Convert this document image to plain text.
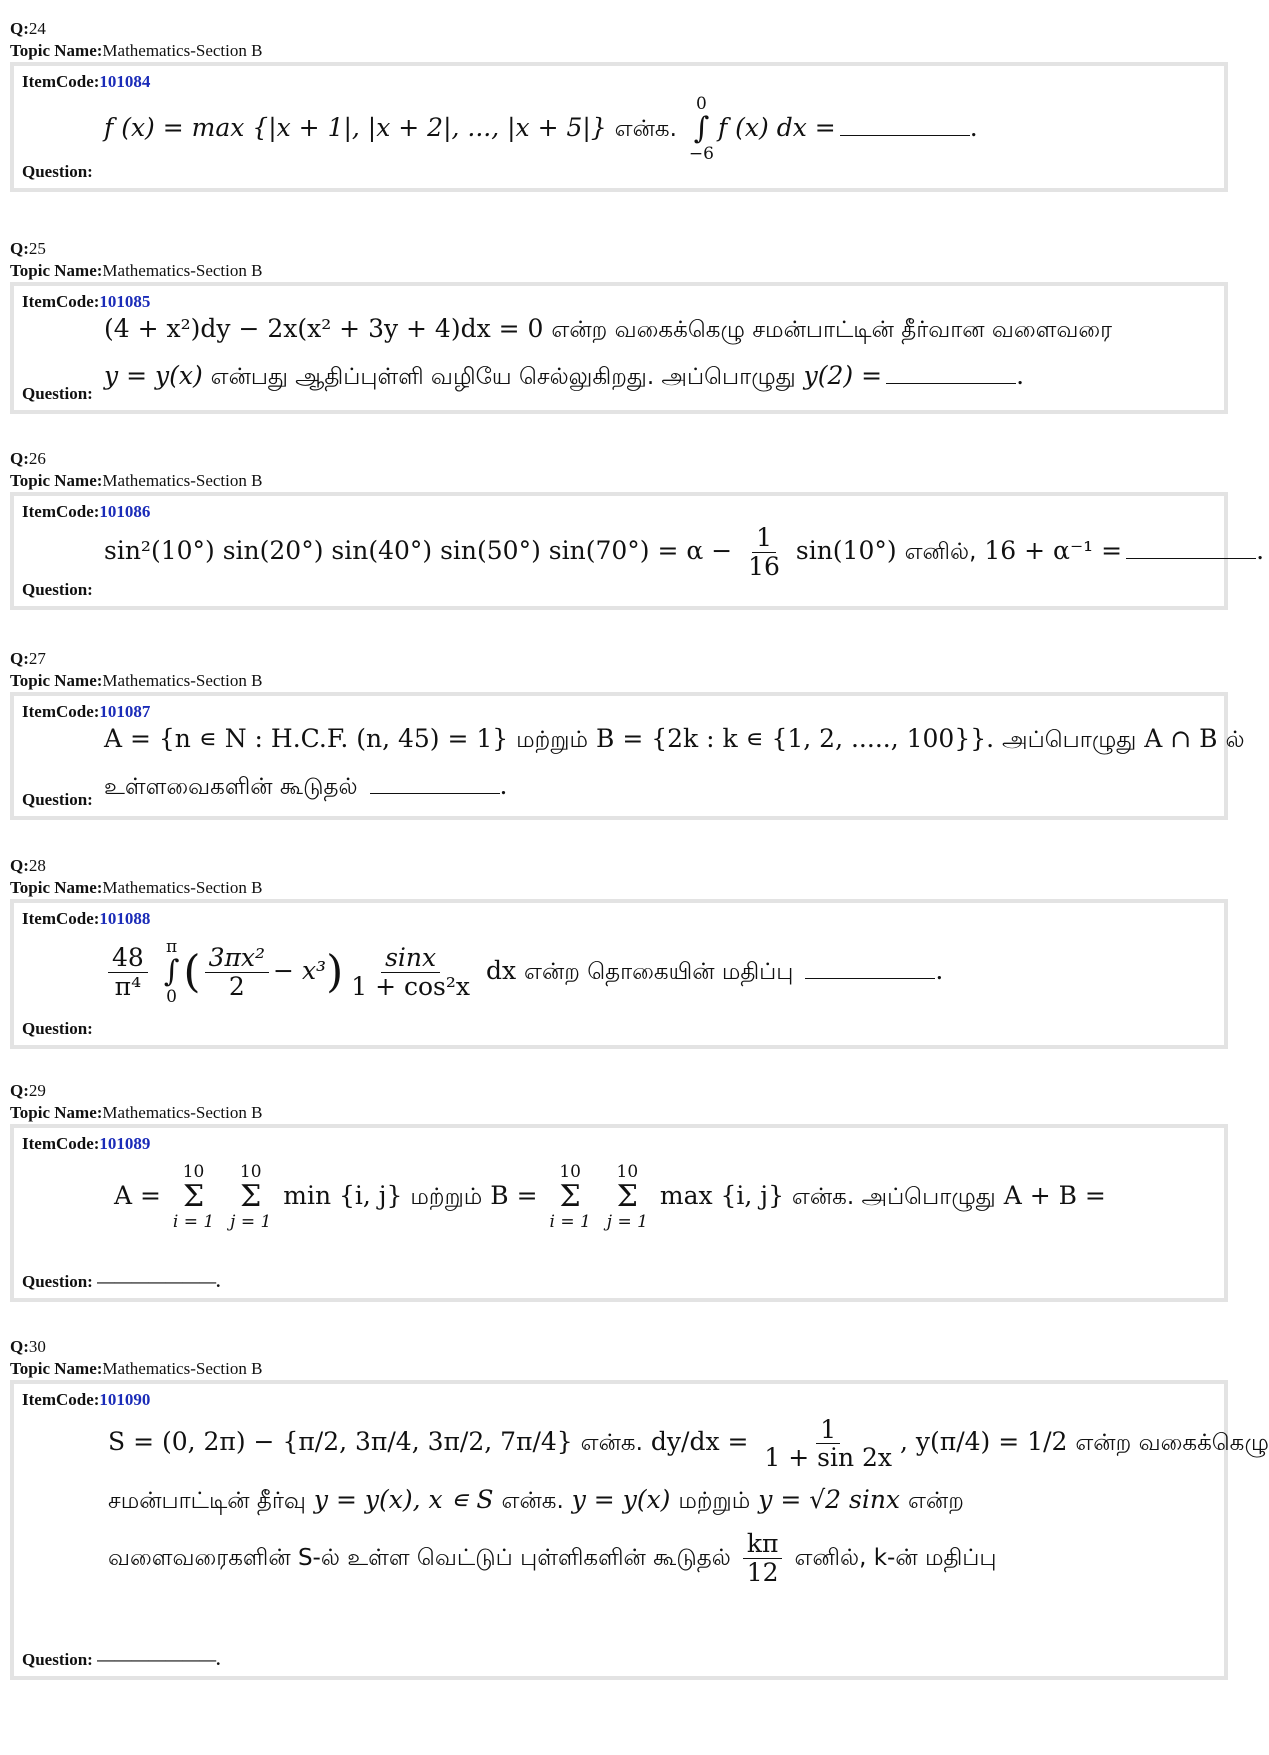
Q:24
Topic Name:Mathematics-Section B
ItemCode:101084
f (x) = max {|x + 1|, |x + 2|, ..., |x + 5|} என்க.
0
∫
−6
f (x) dx =	.
Question:
Q:25
Topic Name:Mathematics-Section B
ItemCode:101085
(4 + x²)dy − 2x(x² + 3y + 4)dx = 0 என்ற வகைக்கெழு சமன்பாட்டின் தீர்வான வளைவரை
y = y(x) என்பது ஆதிப்புள்ளி வழியே செல்லுகிறது. அப்பொழுது y(2) =	.
Question:
Q:26
Topic Name:Mathematics-Section B
ItemCode:101086
sin²(10°) sin(20°) sin(40°) sin(50°) $\sin(70^\circ) = \alpha - \frac{1}{16} \sin(10^\circ)$ எனில், 16 + α⁻¹ =	.
Question:
Q:27
Topic Name:Mathematics-Section B
ItemCode:101087
A = {n ∊ N : H.C.F. (n, 45) = 1} மற்றும் B = {2k : k ∊ {1, 2, ....., 100}}. அப்பொழுது A ∩ B ல்
உள்ளவைகளின் கூடுதல்	.
Question:
Q:28
Topic Name:Mathematics-Section B
ItemCode:101088
$\frac{48}{\text{π⁴}}$
π
∫
0 ( $\frac{\text{3πx²}}{2} - x^3) \frac{\sin x}{\text{1 + cos²x}}$ dx என்ற தொகையின் மதிப்பு	.
Question:
Q:29
Topic Name:Mathematics-Section B
ItemCode:101089
A =
10
Σ
i = 1

10
Σ
j = 1
min {i, j} மற்றும் B =
10
Σ
i = 1

10
Σ
j = 1
max {i, j} என்க. அப்பொழுது A + B =
Question: ———————.
Q:30
Topic Name:Mathematics-Section B
ItemCode:101090
S = (0, 2π) − {π/2, 3π/4, 3π/2, 7π/4} என்க. $dy/dx = \frac{1}{1 + \sin 2x}$ , y(π/4) = 1/2 என்ற வகைக்கெழு
சமன்பாட்டின் தீர்வு y = y(x), x ∊ S என்க. y = y(x) மற்றும் y = √2 sinx என்ற
வளைவரைகளின் S-ல் உள்ள வெட்டுப் புள்ளிகளின் கூடுதல் $\frac{k\pi}{12}$ எனில், k-ன் மதிப்பு
Question: ———————.
